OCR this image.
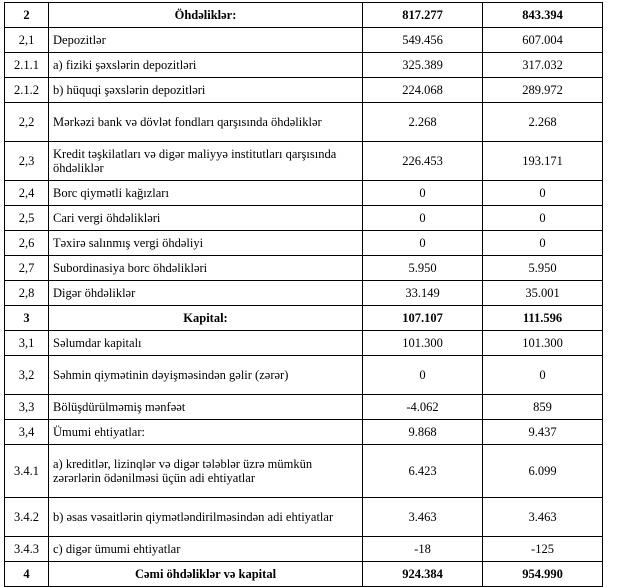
2	Öhdəliklər:	817.277	843.394
2,1	Depozitlər	549.456	607.004
2.1.1	a) fiziki şəxslərin depozitləri	325.389	317.032
2.1.2	b) hüquqi şəxslərin depozitləri	224.068	289.972
2,2	Mərkəzi bank və dövlət fondları qarşısında öhdəliklər	2.268	2.268
2,3	Kredit təşkilatları və digər maliyyə institutları qarşısında öhdəliklər	226.453	193.171
2,4	Borc qiymətli kağızları	0	0
2,5	Cari vergi öhdəlikləri	0	0
2,6	Təxirə salınmış vergi öhdəliyi	0	0
2,7	Subordinasiya borc öhdəlikləri	5.950	5.950
2,8	Digər öhdəliklər	33.149	35.001
3	Kapital:	107.107	111.596
3,1	Səlumdar kapitalı	101.300	101.300
3,2	Səhmin qiymətinin dəyişməsindən gəlir (zərər)	0	0
3,3	Bölüşdürülməmiş mənfəət	-4.062	859
3,4	Ümumi ehtiyatlar:	9.868	9.437
3.4.1	a) kreditlər, lizinqlər və digər tələblər üzrə mümkün zərərlərin ödənilməsi üçün adi ehtiyatlar	6.423	6.099
3.4.2	b) əsas vəsaitlərin qiymətləndirilməsindən adi ehtiyatlar	3.463	3.463
3.4.3	c) digər ümumi ehtiyatlar	-18	-125
4	Cəmi öhdəliklər və kapital	924.384	954.990
